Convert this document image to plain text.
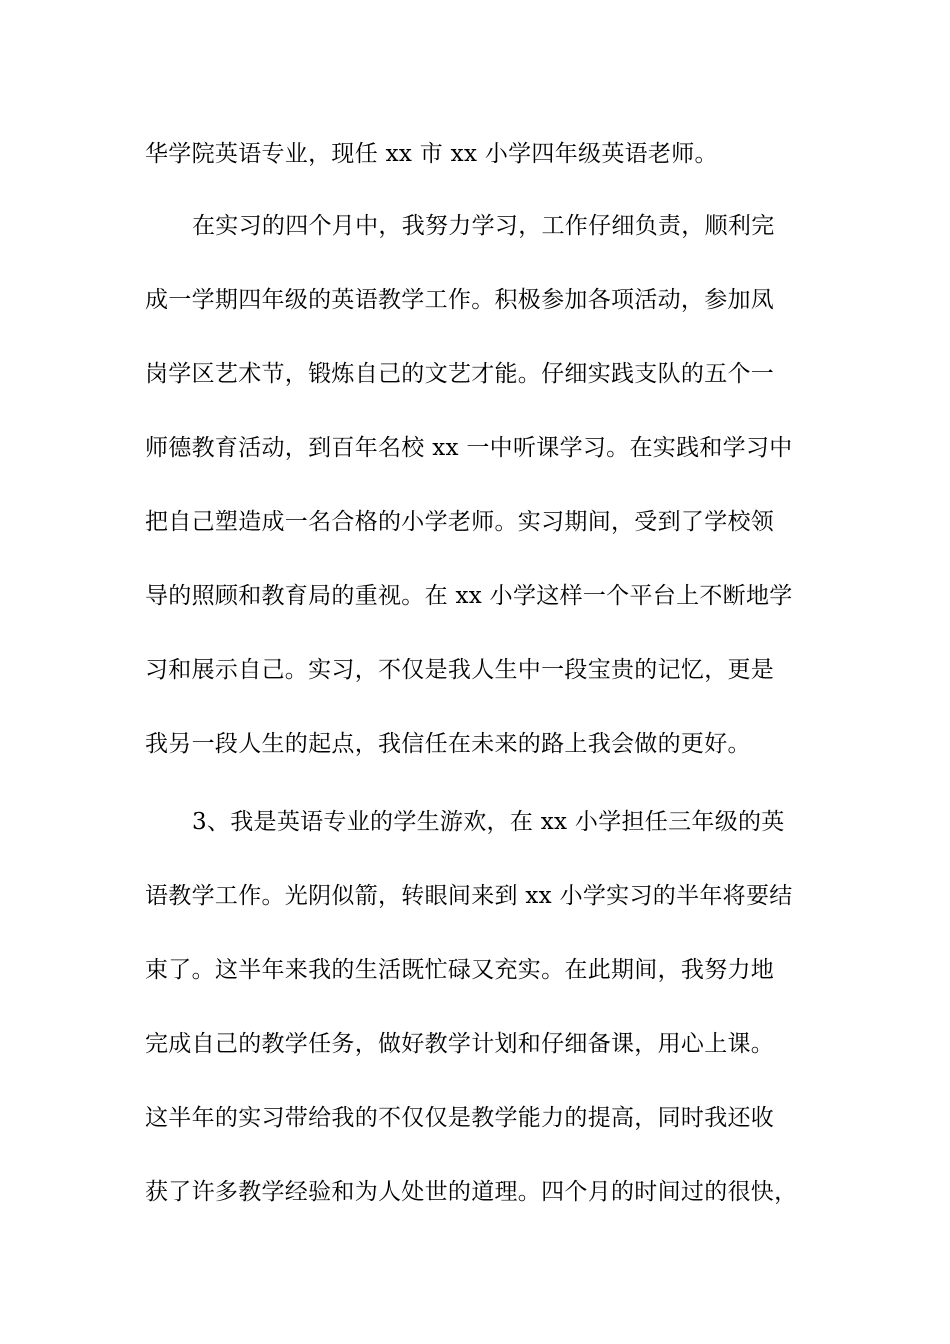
华学院英语专业，现任 xx 市 xx 小学四年级英语老师。

在实习的四个月中，我努力学习，工作仔细负责，顺利完

成一学期四年级的英语教学工作。积极参加各项活动，参加凤

岗学区艺术节，锻炼自己的文艺才能。仔细实践支队的五个一

师德教育活动，到百年名校 xx 一中听课学习。在实践和学习中

把自己塑造成一名合格的小学老师。实习期间，受到了学校领

导的照顾和教育局的重视。在 xx 小学这样一个平台上不断地学

习和展示自己。实习，不仅是我人生中一段宝贵的记忆，更是

我另一段人生的起点，我信任在未来的路上我会做的更好。

3、我是英语专业的学生游欢，在 xx 小学担任三年级的英

语教学工作。光阴似箭，转眼间来到 xx 小学实习的半年将要结

束了。这半年来我的生活既忙碌又充实。在此期间，我努力地

完成自己的教学任务，做好教学计划和仔细备课，用心上课。

这半年的实习带给我的不仅仅是教学能力的提高，同时我还收

获了许多教学经验和为人处世的道理。四个月的时间过的很快，
